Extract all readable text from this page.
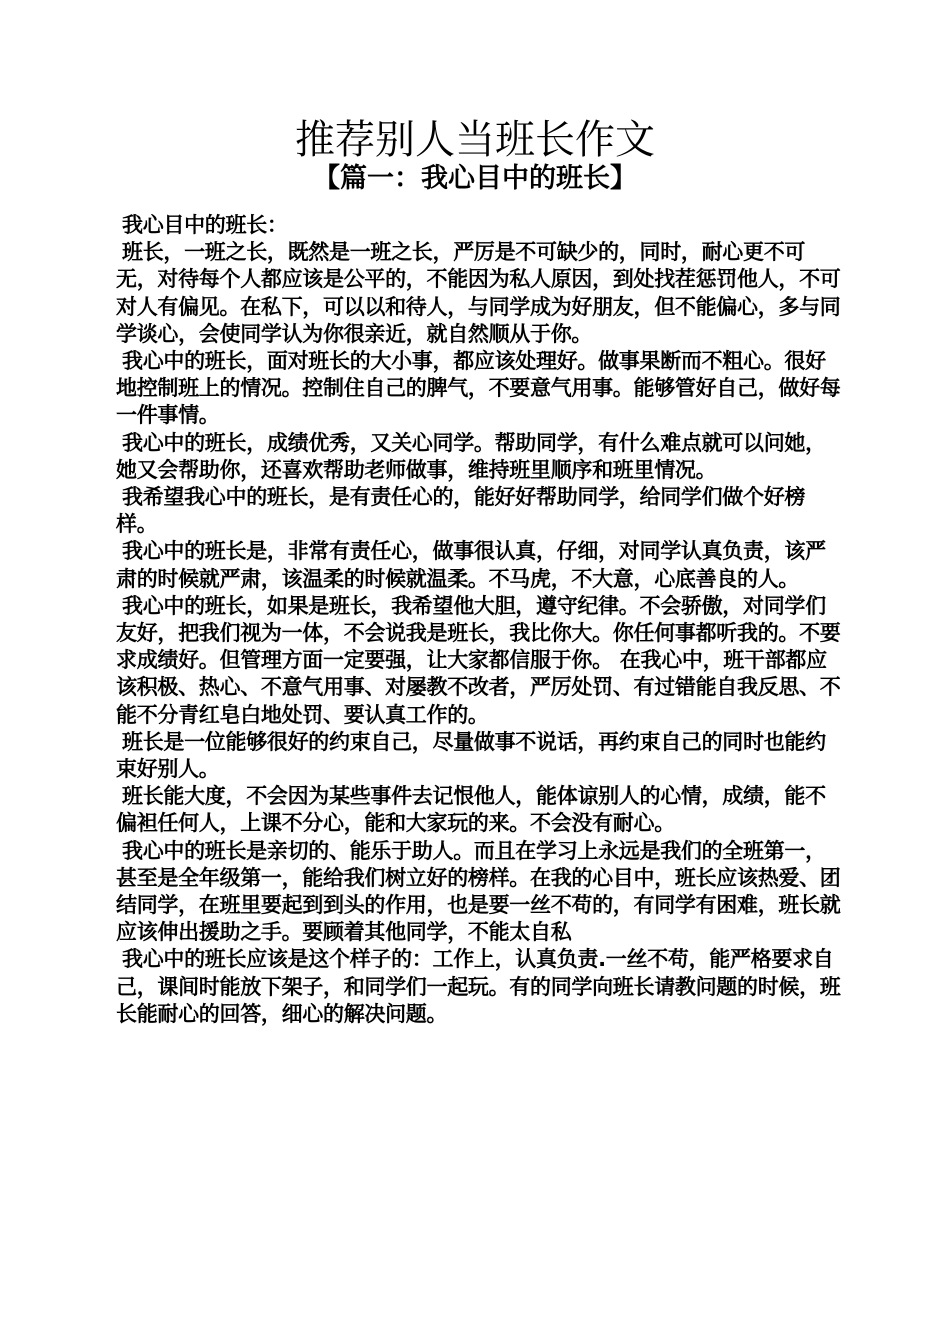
推荐别人当班长作文
【篇一：我心目中的班长】

我心目中的班长：

班长，一班之长，既然是一班之长，严厉是不可缺少的，同时，耐心更不可无，对待每个人都应该是公平的，不能因为私人原因，到处找茬惩罚他人，不可对人有偏见。在私下，可以以和待人，与同学成为好朋友，但不能偏心，多与同学谈心，会使同学认为你很亲近，就自然顺从于你。

我心中的班长，面对班长的大小事，都应该处理好。做事果断而不粗心。很好地控制班上的情况。控制住自己的脾气，不要意气用事。能够管好自己，做好每一件事情。

我心中的班长，成绩优秀，又关心同学。帮助同学，有什么难点就可以问她，她又会帮助你，还喜欢帮助老师做事，维持班里顺序和班里情况。

我希望我心中的班长，是有责任心的，能好好帮助同学，给同学们做个好榜样。

我心中的班长是，非常有责任心，做事很认真，仔细，对同学认真负责，该严肃的时候就严肃，该温柔的时候就温柔。不马虎，不大意，心底善良的人。

我心中的班长，如果是班长，我希望他大胆，遵守纪律。不会骄傲，对同学们友好，把我们视为一体，不会说我是班长，我比你大。你任何事都听我的。不要求成绩好。但管理方面一定要强，让大家都信服于你。 在我心中，班干部都应该积极、热心、不意气用事、对屡教不改者，严厉处罚、有过错能自我反思、不能不分青红皂白地处罚、要认真工作的。

班长是一位能够很好的约束自己，尽量做事不说话，再约束自己的同时也能约束好别人。

班长能大度，不会因为某些事件去记恨他人，能体谅别人的心情，成绩，能不偏袒任何人，上课不分心，能和大家玩的来。不会没有耐心。

我心中的班长是亲切的、能乐于助人。而且在学习上永远是我们的全班第一，甚至是全年级第一，能给我们树立好的榜样。在我的心目中，班长应该热爱、团结同学，在班里要起到到头的作用，也是要一丝不苟的，有同学有困难，班长就应该伸出援助之手。要顾着其他同学，不能太自私

我心中的班长应该是这个样子的：工作上，认真负责.一丝不苟，能严格要求自己，课间时能放下架子，和同学们一起玩。有的同学向班长请教问题的时候，班长能耐心的回答，细心的解决问题。
